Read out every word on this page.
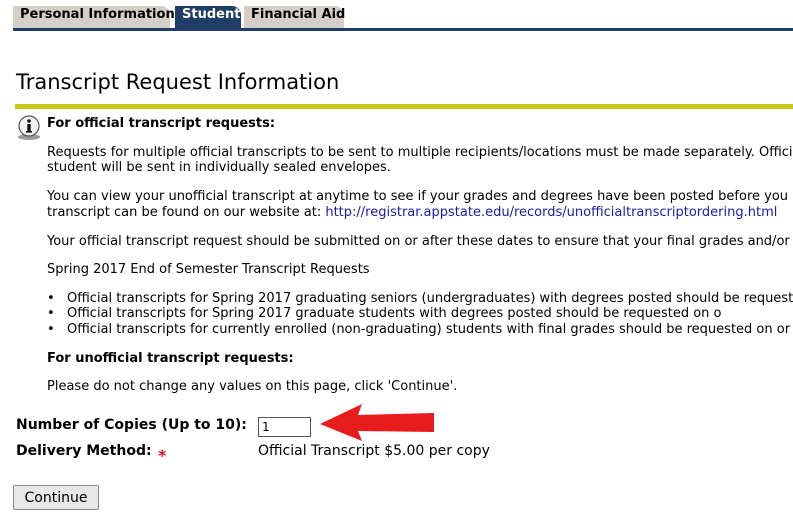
Personal Information Student Financial Aid
Transcript Request Information
For official transcript requests:
Requests for multiple official transcripts to be sent to multiple recipients/locations must be made separately. Offici
student will be sent in individually sealed envelopes.
You can view your unofficial transcript at anytime to see if your grades and degrees have been posted before you
transcript can be found on our website at: http://registrar.appstate.edu/records/unofficialtranscriptordering.html
Your official transcript request should be submitted on or after these dates to ensure that your final grades and/or
Spring 2017 End of Semester Transcript Requests
• Official transcripts for Spring 2017 graduating seniors (undergraduates) with degrees posted should be request
• Official transcripts for Spring 2017 graduate students with degrees posted should be requested on o
• Official transcripts for currently enrolled (non-graduating) students with final grades should be requested on or
For unofficial transcript requests:
Please do not change any values on this page, click 'Continue'.
Number of Copies (Up to 10):
1
Delivery Method: *	Official Transcript $5.00 per copy
Continue
